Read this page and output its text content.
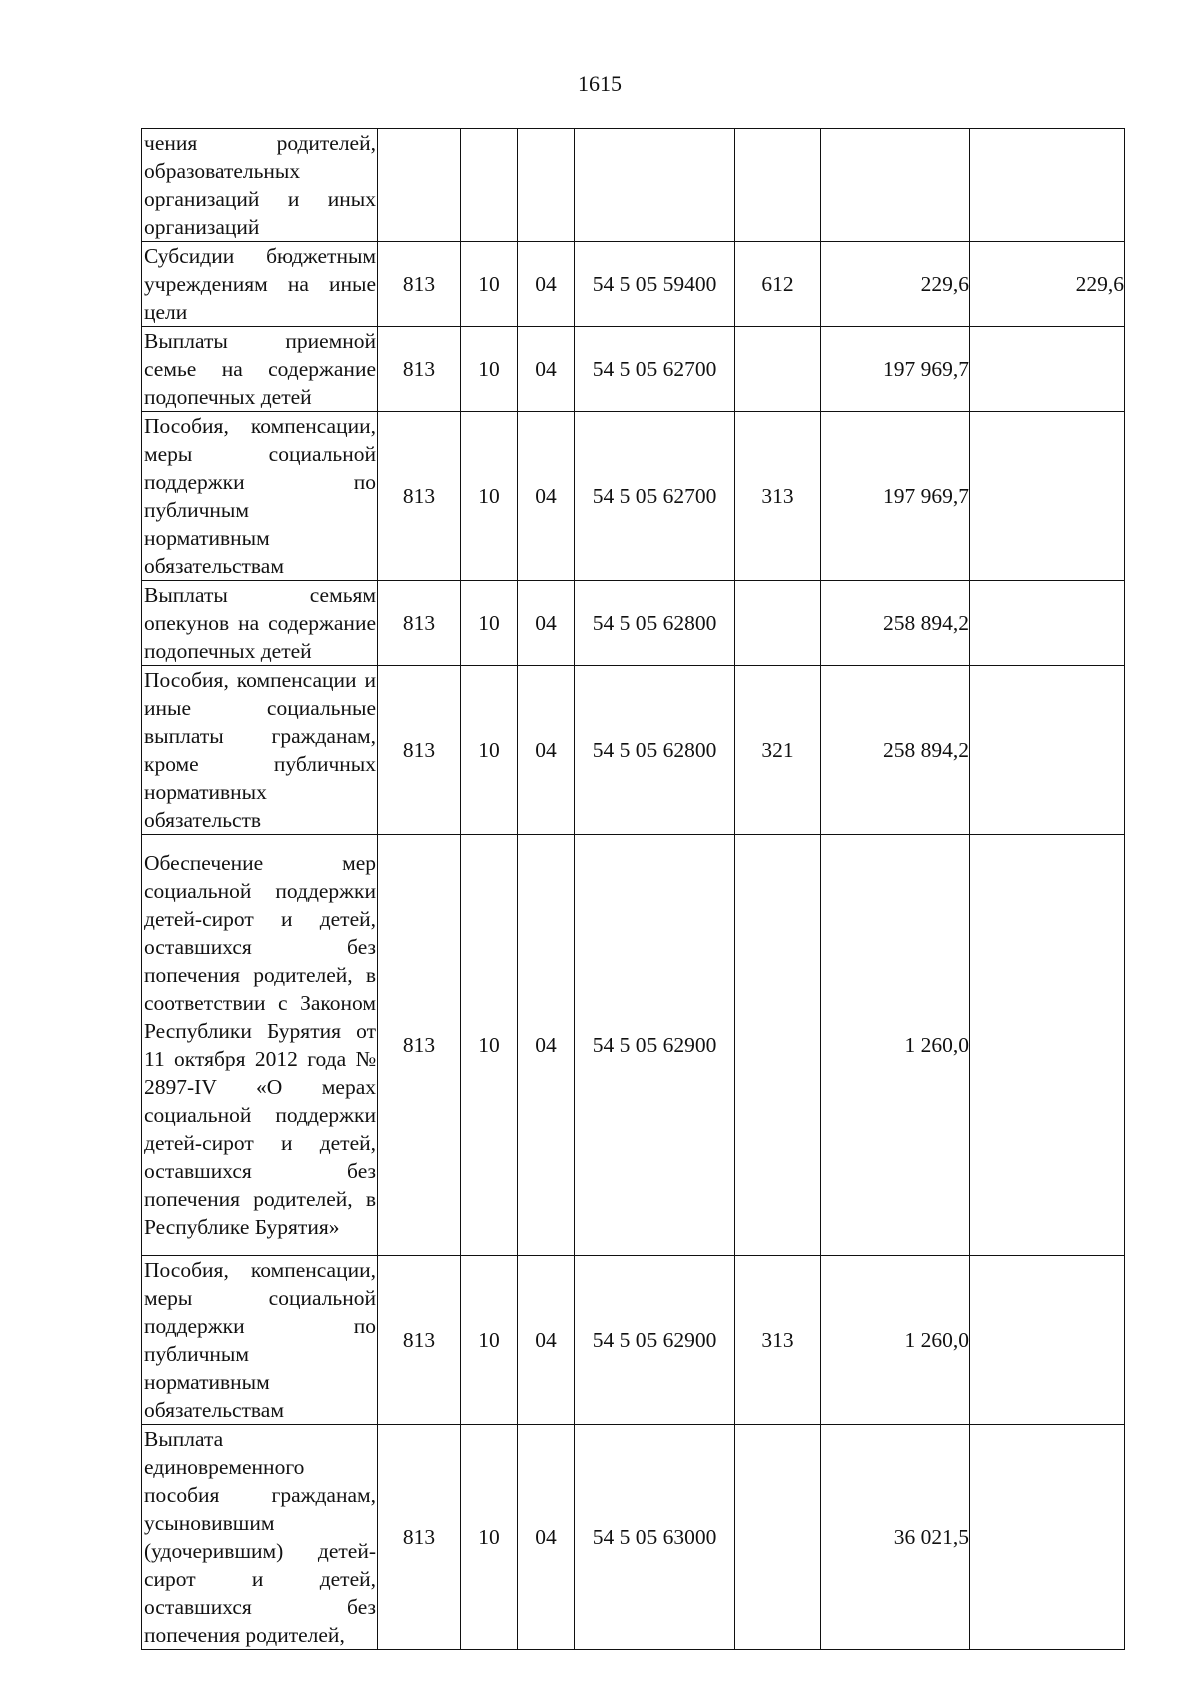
1615
чения родителей, образовательных организаций и иных организаций							
Субсидии бюджетным учреждениям на иные цели	813	10	04	54 5 05 59400	612	229,6	229,6
Выплаты приемной семье на содержание подопечных детей	813	10	04	54 5 05 62700		197 969,7	
Пособия, компенсации, меры социальной поддержки по публичным нормативным обязательствам	813	10	04	54 5 05 62700	313	197 969,7	
Выплаты семьям опекунов на содержание подопечных детей	813	10	04	54 5 05 62800		258 894,2	
Пособия, компенсации и иные социальные выплаты гражданам, кроме публичных нормативных обязательств	813	10	04	54 5 05 62800	321	258 894,2	
Обеспечение мер социальной поддержки детей-сирот и детей, оставшихся без попечения родителей, в соответствии с Законом Республики Бурятия от 11 октября 2012 года № 2897-IV «О мерах социальной поддержки детей-сирот и детей, оставшихся без попечения родителей, в Республике Бурятия»	813	10	04	54 5 05 62900		1 260,0	
Пособия, компенсации, меры социальной поддержки по публичным нормативным обязательствам	813	10	04	54 5 05 62900	313	1 260,0	
Выплата единовременного пособия гражданам, усыновившим (удочерившим) детей-сирот и детей, оставшихся без попечения родителей,	813	10	04	54 5 05 63000		36 021,5	
